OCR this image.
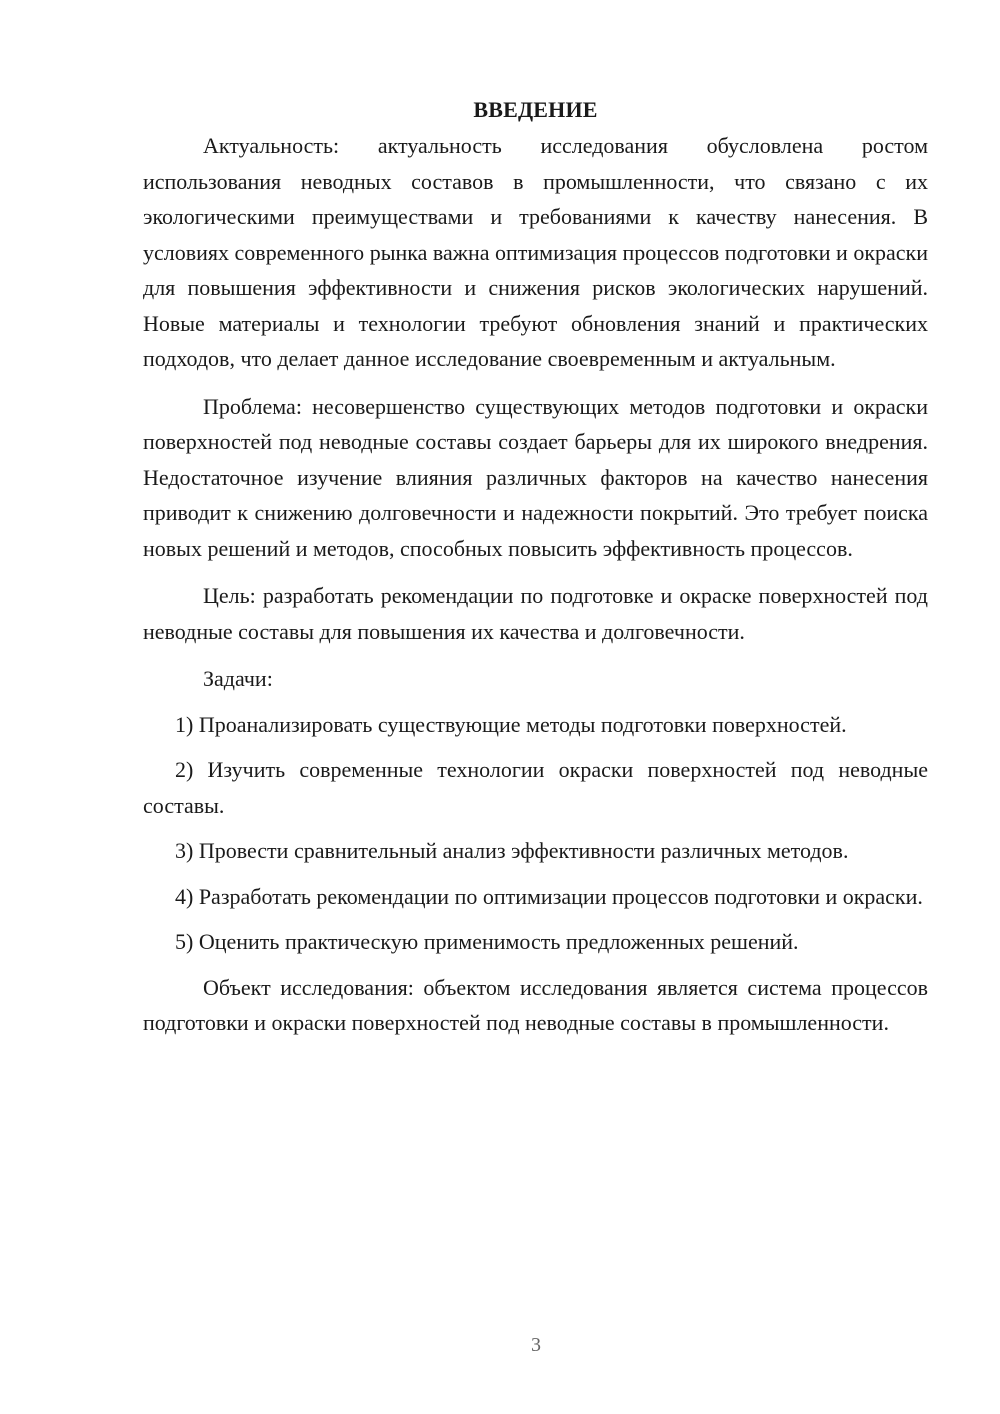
ВВЕДЕНИЕ

Актуальность: актуальность исследования обусловлена ростом использования неводных составов в промышленности, что связано с их экологическими преимуществами и требованиями к качеству нанесения. В условиях современного рынка важна оптимизация процессов подготовки и окраски для повышения эффективности и снижения рисков экологических нарушений. Новые материалы и технологии требуют обновления знаний и практических подходов, что делает данное исследование своевременным и актуальным.

Проблема: несовершенство существующих методов подготовки и окраски поверхностей под неводные составы создает барьеры для их широкого внедрения. Недостаточное изучение влияния различных факторов на качество нанесения приводит к снижению долговечности и надежности покрытий. Это требует поиска новых решений и методов, способных повысить эффективность процессов.

Цель: разработать рекомендации по подготовке и окраске поверхностей под неводные составы для повышения их качества и долговечности.

Задачи:

1) Проанализировать существующие методы подготовки поверхностей.

2) Изучить современные технологии окраски поверхностей под неводные составы.

3) Провести сравнительный анализ эффективности различных методов.

4) Разработать рекомендации по оптимизации процессов подготовки и окраски.

5) Оценить практическую применимость предложенных решений.

Объект исследования: объектом исследования является система процессов подготовки и окраски поверхностей под неводные составы в промышленности.

3
